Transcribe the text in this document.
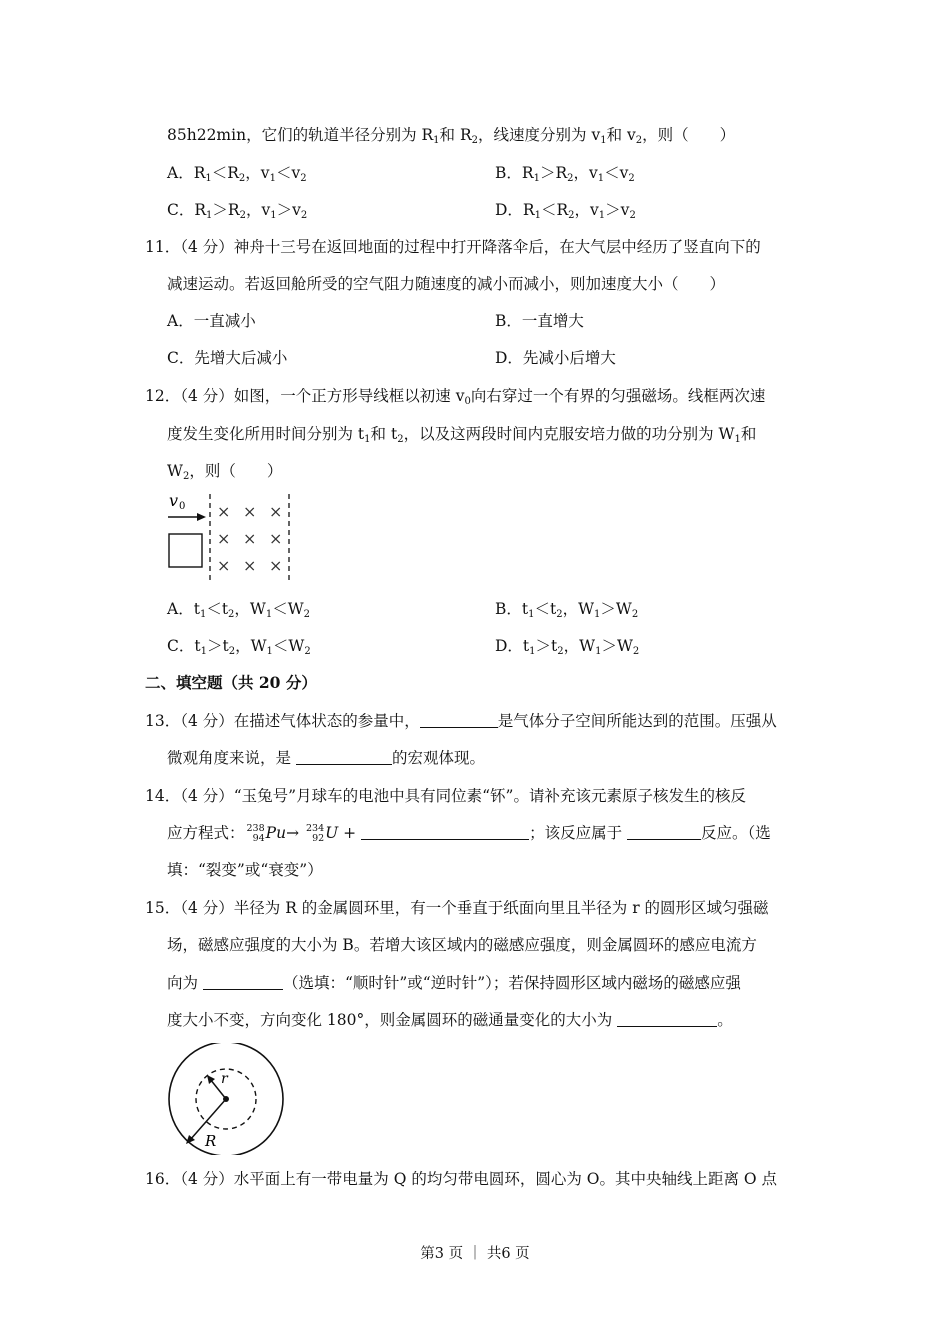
85h22min，它们的轨道半径分别为 $R_1$和 $R_2$，线速度分别为 $v_1$和 $v_2$，则（　　）
A．$R_1<R_2$，$v_1<v_2$	B．$R_1>R_2$，$v_1<v_2$
C．$R_1>R_2$，$v_1>v_2$	D．$R_1<R_2$，$v_1>v_2$
11．（4 分）神舟十三号在返回地面的过程中打开降落伞后，在大气层中经历了竖直向下的
减速运动。若返回舱所受的空气阻力随速度的减小而减小，则加速度大小（　　）
A．一直减小	B．一直增大
C．先增大后减小	D．先减小后增大
12．（4 分）如图，一个正方形导线框以初速 $v_0$向右穿过一个有界的匀强磁场。线框两次速
度发生变化所用时间分别为 $t_1$和 $t_2$，以及这两段时间内克服安培力做的功分别为 $W_1$和
$W_2$，则（　　）
v 0 × × ×
× × ×
× × ×
A．$t_1<t_2$，$W_1<W_2$	B．$t_1<t_2$，$W_1>W_2$
C．$t_1>t_2$，$W_1<W_2$	D．$t_1>t_2$，$W_1>W_2$
二、填空题（共 20 分）
13．（4 分）在描述气体状态的参量中，	是气体分子空间所能达到的范围。压强从
微观角度来说，是	的宏观体现。
14．（4 分）“玉兔号”月球车的电池中具有同位素“钚”。请补充该元素原子核发生的核反
应方程式： 238
94 Pu→ 234
92 U +	；该反应属于	反应。（选
填：“裂变”或“衰变”）
15．（4 分）半径为 R 的金属圆环里，有一个垂直于纸面向里且半径为 r 的圆形区域匀强磁
场，磁感应强度的大小为 B。若增大该区域内的磁感应强度，则金属圆环的感应电流方
向为	（选填：“顺时针”或“逆时针”）；若保持圆形区域内磁场的磁感应强
度大小不变，方向变化 180°，则金属圆环的磁通量变化的大小为	。
r
R
16．（4 分）水平面上有一带电量为 Q 的均匀带电圆环，圆心为 O。其中央轴线上距离 O 点
第3 页 ｜ 共6 页
